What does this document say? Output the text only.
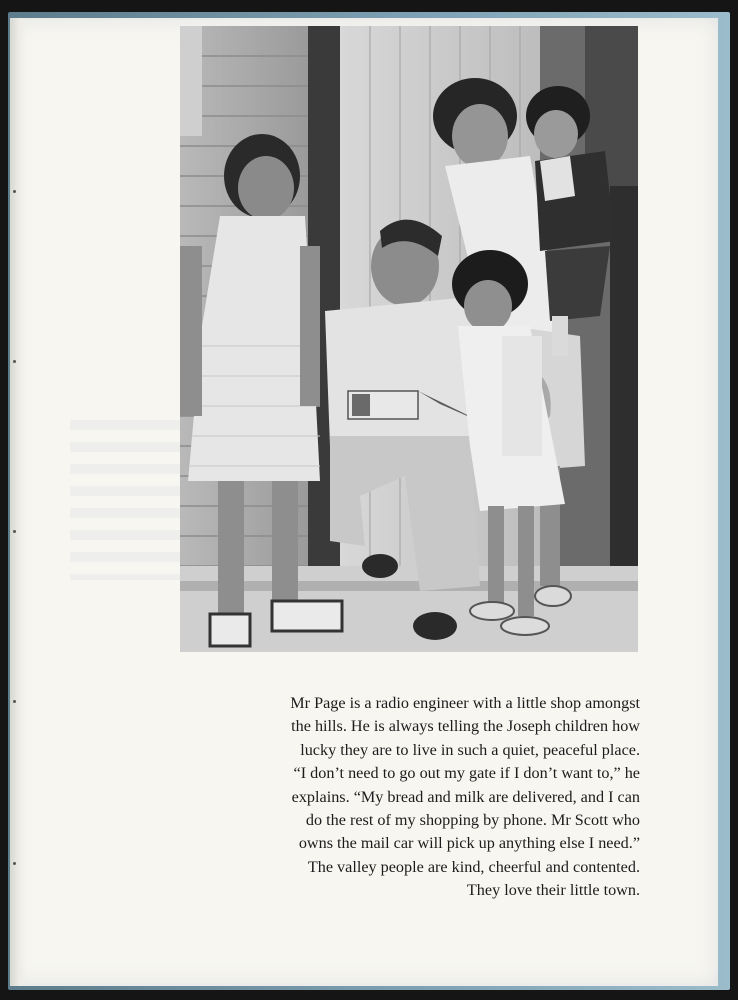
Mr Page is a radio engineer with a little shop amongst

the hills. He is always telling the Joseph children how

lucky they are to live in such a quiet, peaceful place.

“I don’t need to go out my gate if I don’t want to,” he

explains. “My bread and milk are delivered, and I can

do the rest of my shopping by phone. Mr Scott who

owns the mail car will pick up anything else I need.”

The valley people are kind, cheerful and contented.

They love their little town.
